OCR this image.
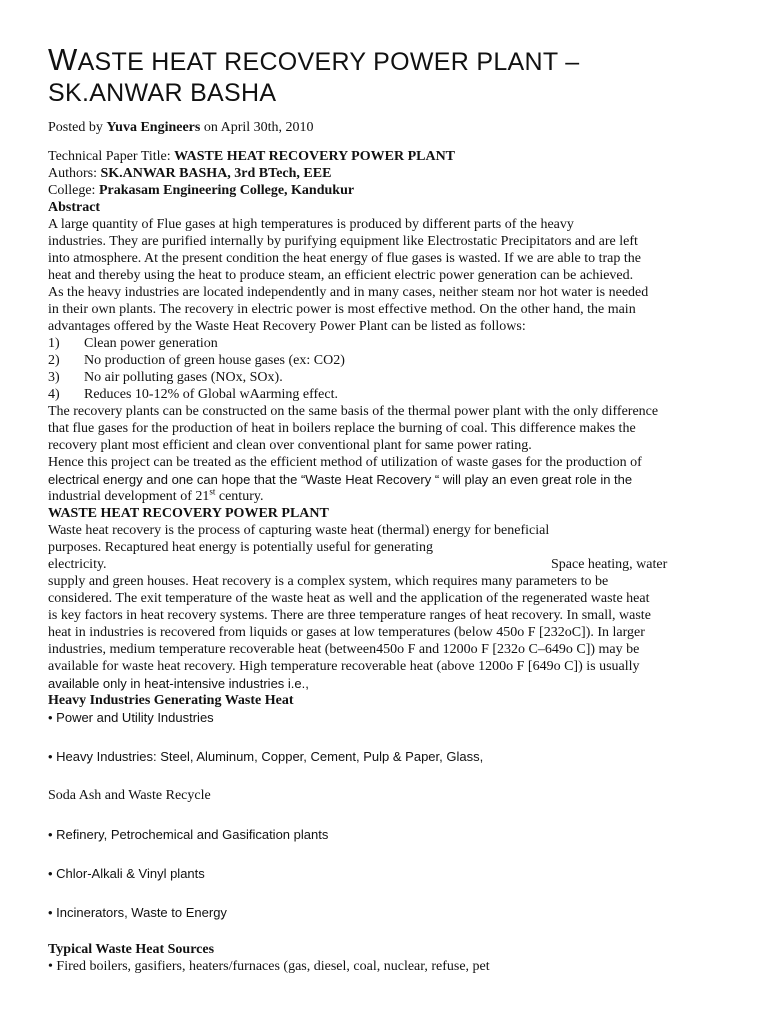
WASTE HEAT RECOVERY POWER PLANT –
SK.ANWAR BASHA
Posted by Yuva Engineers on April 30th, 2010
Technical Paper Title: WASTE HEAT RECOVERY POWER PLANT
Authors: SK.ANWAR BASHA, 3rd BTech, EEE
College: Prakasam Engineering College, Kandukur
Abstract
A large quantity of Flue gases at high temperatures is produced by different parts of the heavy
industries. They are purified internally by purifying equipment like Electrostatic Precipitators and are left
into atmosphere. At the present condition the heat energy of flue gases is wasted. If we are able to trap the
heat and thereby using the heat to produce steam, an efficient electric power generation can be achieved.
As the heavy industries are located independently and in many cases, neither steam nor hot water is needed
in their own plants. The recovery in electric power is most effective method. On the other hand, the main
advantages offered by the Waste Heat Recovery Power Plant can be listed as follows:
1) Clean power generation
2) No production of green house gases (ex: CO2)
3) No air polluting gases (NOx, SOx).
4) Reduces 10-12% of Global wAarming effect.
The recovery plants can be constructed on the same basis of the thermal power plant with the only difference
that flue gases for the production of heat in boilers replace the burning of coal. This difference makes the
recovery plant most efficient and clean over conventional plant for same power rating.
Hence this project can be treated as the efficient method of utilization of waste gases for the production of
electrical energy and one can hope that the “Waste Heat Recovery “ will play an even great role in the
industrial development of 21st century.
WASTE HEAT RECOVERY POWER PLANT
Waste heat recovery is the process of capturing waste heat (thermal) energy for beneficial
purposes. Recaptured heat energy is potentially useful for generating
electricity.	Space heating, water
supply and green houses. Heat recovery is a complex system, which requires many parameters to be
considered. The exit temperature of the waste heat as well and the application of the regenerated waste heat
is key factors in heat recovery systems. There are three temperature ranges of heat recovery. In small, waste
heat in industries is recovered from liquids or gases at low temperatures (below 450o F [232oC]). In larger
industries, medium temperature recoverable heat (between450o F and 1200o F [232o C–649o C]) may be
available for waste heat recovery. High temperature recoverable heat (above 1200o F [649o C]) is usually
available only in heat-intensive industries i.e.,
Heavy Industries Generating Waste Heat
• Power and Utility Industries
• Heavy Industries: Steel, Aluminum, Copper, Cement, Pulp & Paper, Glass,
Soda Ash and Waste Recycle
• Refinery, Petrochemical and Gasification plants
• Chlor-Alkali & Vinyl plants
• Incinerators, Waste to Energy
Typical Waste Heat Sources
• Fired boilers, gasifiers, heaters/furnaces (gas, diesel, coal, nuclear, refuse, pet
